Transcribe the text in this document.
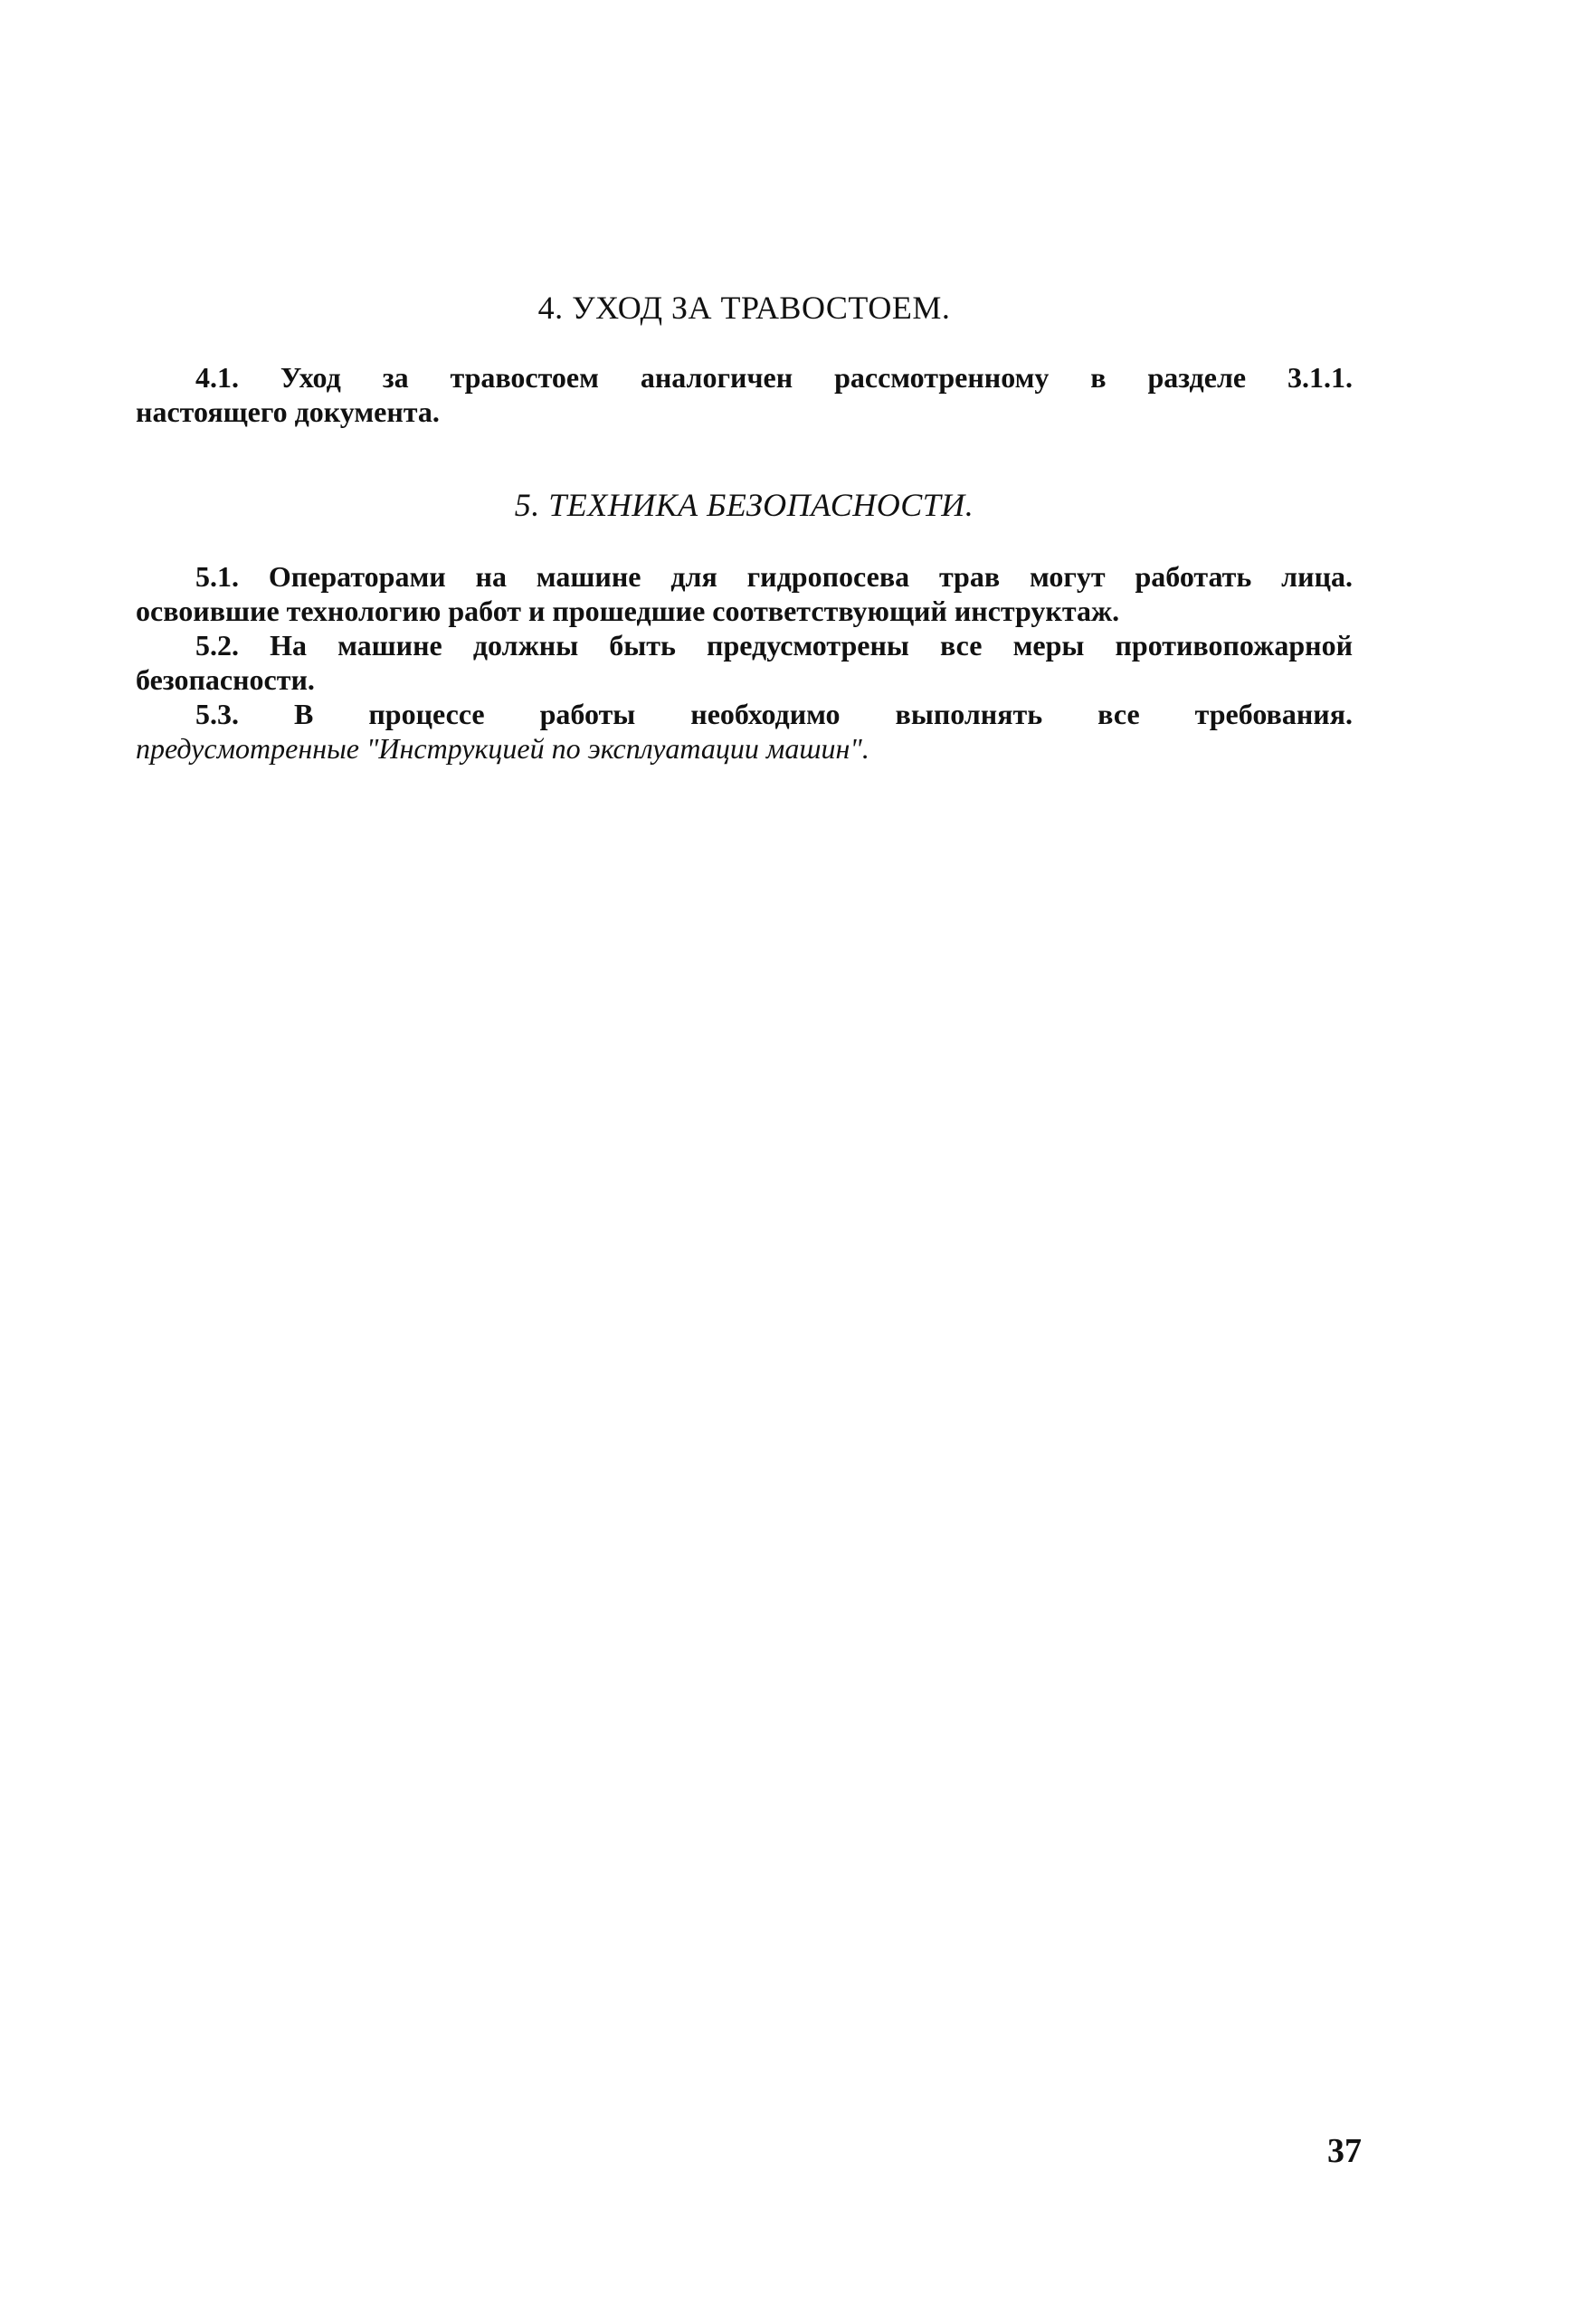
4. УХОД ЗА ТРАВОСТОЕМ.

4.1. Уход за травостоем аналогичен рассмотренному в разделе 3.1.1.

настоящего документа.

5. ТЕХНИКА БЕЗОПАСНОСТИ.

5.1. Операторами на машине для гидропосева трав могут работать лица.

освоившие технологию работ и прошедшие соответствующий инструктаж.

5.2. На машине должны быть предусмотрены все меры противопожарной

безопасности.

5.3. В процессе работы необходимо выполнять все требования.

предусмотренные "Инструкцией по эксплуатации машин".

37
